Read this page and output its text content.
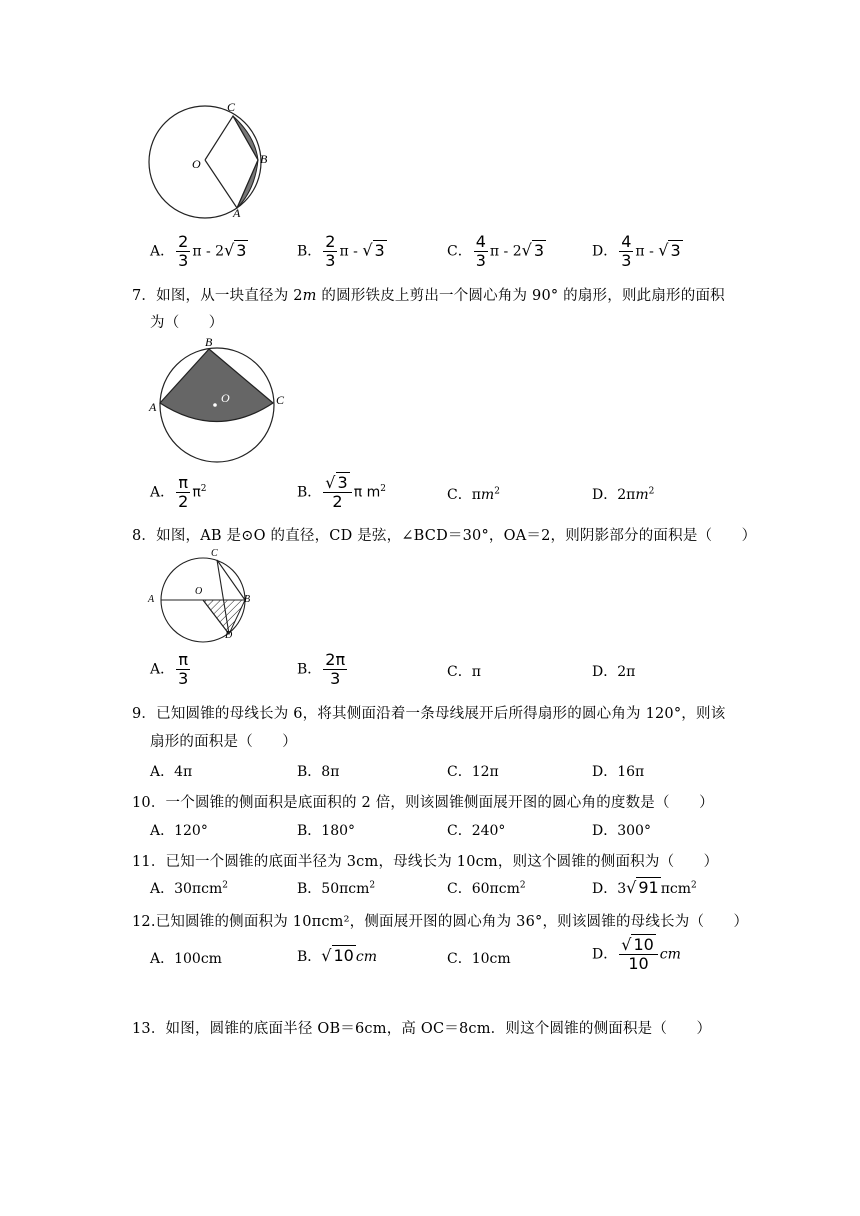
C
O	B
A
A． $\frac{2}{3}$ π - 2√ 3	B． $\frac{2}{3}$ π - √ 3	C． $\frac{4}{3}$ π - 2√ 3	D． $\frac{4}{3}$ π - √ 3
7．如图，从一块直径为 2m 的圆形铁皮上剪出一个圆心角为 90° 的扇形，则此扇形的面积
为（　　）
B
A
O	C
A． $\frac{\pi}{2} \pi^2$	B． $\frac{√ 3}{2}$ π $m^2$	C．$\pi m^2$	D．$2\pi m^2$
8．如图，AB 是⊙O 的直径，CD 是弦，∠BCD＝30°，OA＝2，则阴影部分的面积是（　　）
C
A
O
B
D
A． $\frac{\pi}{3}$	B． $\frac{2\pi}{3}$	C．π	D．2π
9．已知圆锥的母线长为 6，将其侧面沿着一条母线展开后所得扇形的圆心角为 120°，则该
扇形的面积是（　　）
A．4π	B．8π	C．12π	D．16π
10．一个圆锥的侧面积是底面积的 2 倍，则该圆锥侧面展开图的圆心角的度数是（　　）
A．120°	B．180°	C．240°	D．300°
11．已知一个圆锥的底面半径为 3cm，母线长为 10cm，则这个圆锥的侧面积为（　　）
A．30πcm$^2$	B．50πcm$^2$	C．60πcm$^2$	D．3√ 91 πcm$^2$
12.已知圆锥的侧面积为 10πcm²，侧面展开图的圆心角为 36°，则该圆锥的母线长为（　　）
A．100cm	B．√ 10 cm	C．10cm	D． $\frac{√ 10}{10}$ cm
13．如图，圆锥的底面半径 OB＝6cm，高 OC＝8cm．则这个圆锥的侧面积是（　　）
